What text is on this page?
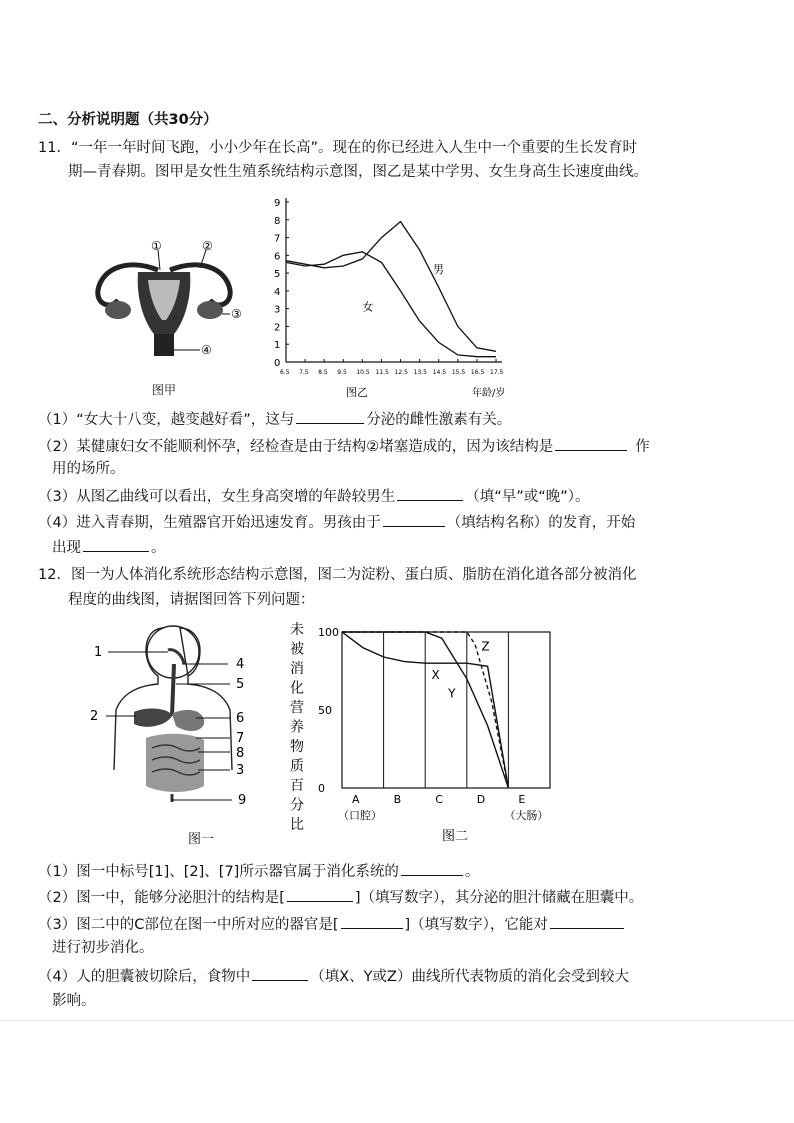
二、分析说明题（共30分）
11．“一年一年时间飞跑，小小少年在长高”。现在的你已经进入人生中一个重要的生长发育时
期—青春期。图甲是女性生殖系统结构示意图，图乙是某中学男、女生身高生长速度曲线。
①	②
③
④
图甲
0
1
2
3
4
5
6
7
8
9
6.5 7.5 8.5 9.5 10.5 11.5 12.5 13.5 14.5 15.5 16.5 17.5
女
男
图乙	年龄/岁
（1）“女大十八变，越变越好看”，这与	分泌的雌性激素有关。
（2）某健康妇女不能顺利怀孕，经检查是由于结构②堵塞造成的，因为该结构是	作
用的场所。
（3）从图乙曲线可以看出，女生身高突增的年龄较男生	（填“早”或“晚”）。
（4）进入青春期，生殖器官开始迅速发育。男孩由于	（填结构名称）的发育，开始
出现	。
12．图一为人体消化系统形态结构示意图，图二为淀粉、蛋白质、脂肪在消化道各部分被消化
程度的曲线图，请据图回答下列问题：
1
2
3
4
5
6
7
8
9
图一
未
被
消
化
营
养
物
质
百
分
比
0
50
100
A
（口腔）
B	C	D	E
（大肠）
X
Y
Z
图二
（1）图一中标号[1]、[2]、[7]所示器官属于消化系统的	。
（2）图一中，能够分泌胆汁的结构是[	]（填写数字），其分泌的胆汁储藏在胆囊中。
（3）图二中的C部位在图一中所对应的器官是[	]（填写数字），它能对
进行初步消化。
（4）人的胆囊被切除后，食物中	（填X、Y或Z）曲线所代表物质的消化会受到较大
影响。
